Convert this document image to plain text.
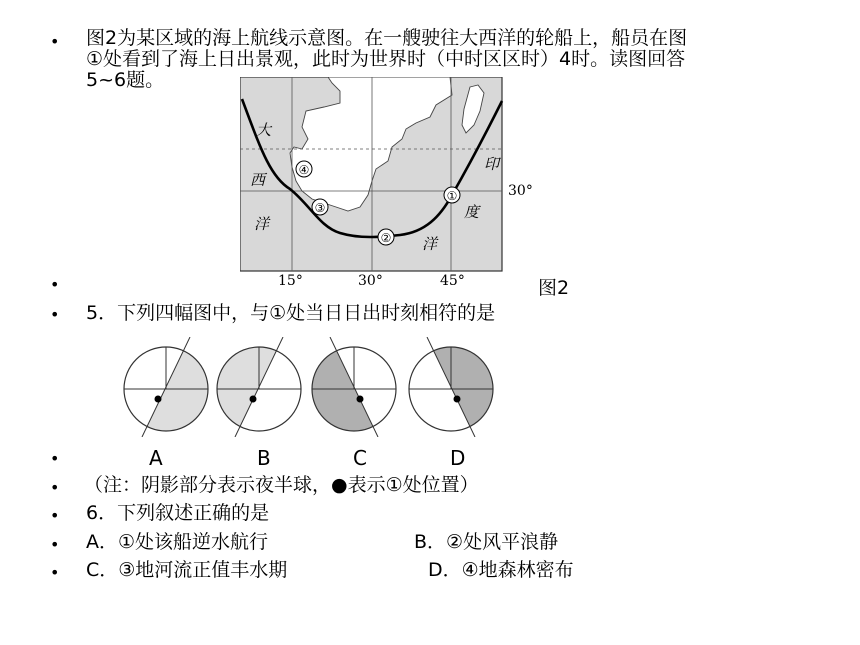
•
•
•
•
•
•
•
•
图2为某区域的海上航线示意图。在一艘驶往大西洋的轮船上，船员在图
①处看到了海上日出景观，此时为世界时（中时区区时）4时。读图回答
5~6题。
①
②
③
④
大
西
洋
印
度
洋
30°
15°	30°	45°	图2
5．下列四幅图中，与①处当日日出时刻相符的是
A	B	C	D
（注：阴影部分表示夜半球，●表示①处位置）
6．下列叙述正确的是
A．①处该船逆水航行	B．②处风平浪静
C．③地河流正值丰水期	D．④地森林密布
